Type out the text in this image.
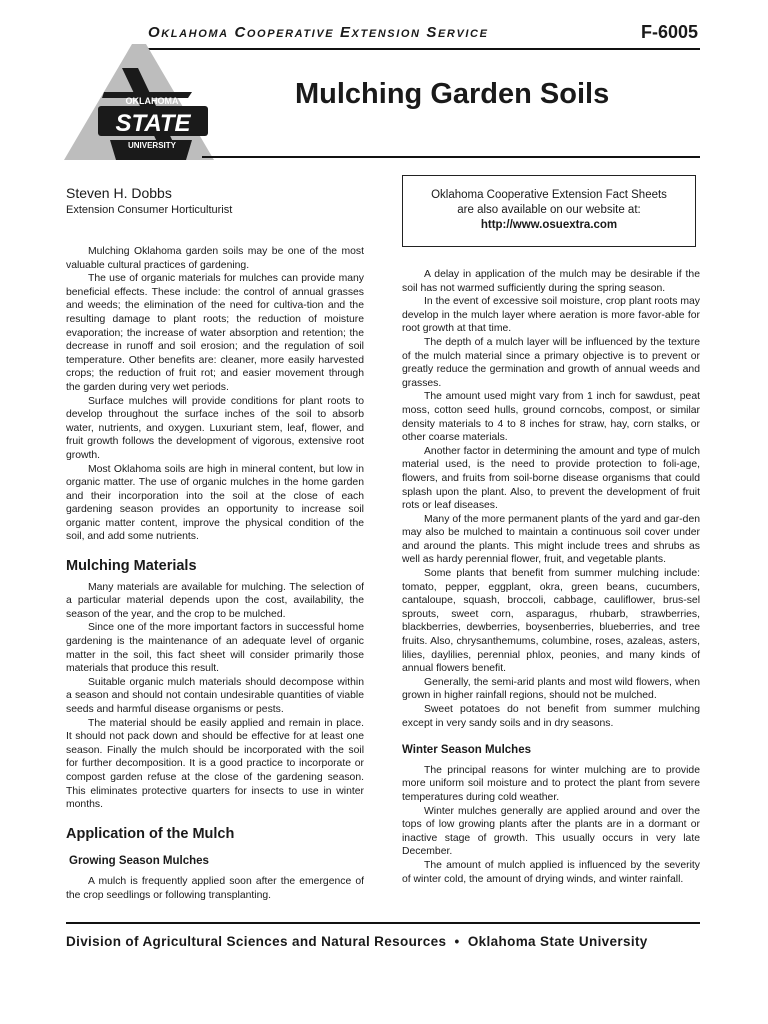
Oklahoma Cooperative Extension Service	F-6005
OKLAHOMA
STATE
UNIVERSITY
Mulching Garden Soils
Steven H. Dobbs
Extension Consumer Horticulturist
Oklahoma Cooperative Extension Fact Sheets
are also available on our website at:
http://www.osuextra.com

Mulching Oklahoma garden soils may be one of the most valuable cultural practices of gardening.

The use of organic materials for mulches can provide many beneficial effects. These include: the control of annual grasses and weeds; the elimination of the need for cultiva-tion and the resulting damage to plant roots; the reduction of moisture evaporation; the increase of water absorption and retention; the decrease in runoff and soil erosion; and the regulation of soil temperature. Other benefits are: cleaner, more easily harvested crops; the reduction of fruit rot; and easier movement through the garden during very wet periods.

Surface mulches will provide conditions for plant roots to develop throughout the surface inches of the soil to absorb water, nutrients, and oxygen. Luxuriant stem, leaf, flower, and fruit growth follows the development of vigorous, extensive root growth.

Most Oklahoma soils are high in mineral content, but low in organic matter. The use of organic mulches in the home garden and their incorporation into the soil at the close of each gardening season provides an opportunity to increase soil organic matter content, improve the physical condition of the soil, and add some nutrients.

Mulching Materials

Many materials are available for mulching. The selection of a particular material depends upon the cost, availability, the season of the year, and the crop to be mulched.

Since one of the more important factors in successful home gardening is the maintenance of an adequate level of organic matter in the soil, this fact sheet will consider primarily those materials that produce this result.

Suitable organic mulch materials should decompose within a season and should not contain undesirable quantities of viable seeds and harmful disease organisms or pests.

The material should be easily applied and remain in place. It should not pack down and should be effective for at least one season. Finally the mulch should be incorporated with the soil for further decomposition. It is a good practice to incorporate or compost garden refuse at the close of the gardening season. This eliminates protective quarters for insects to use in winter months.

Application of the Mulch
Growing Season Mulches

A mulch is frequently applied soon after the emergence of the crop seedlings or following transplanting.

A delay in application of the mulch may be desirable if the soil has not warmed sufficiently during the spring season.

In the event of excessive soil moisture, crop plant roots may develop in the mulch layer where aeration is more favor-able for root growth at that time.

The depth of a mulch layer will be influenced by the texture of the mulch material since a primary objective is to prevent or greatly reduce the germination and growth of annual weeds and grasses.

The amount used might vary from 1 inch for sawdust, peat moss, cotton seed hulls, ground corncobs, compost, or similar density materials to 4 to 8 inches for straw, hay, corn stalks, or other coarse materials.

Another factor in determining the amount and type of mulch material used, is the need to provide protection to foli-age, flowers, and fruits from soil-borne disease organisms that could splash upon the plant. Also, to prevent the development of fruit rots or leaf diseases.

Many of the more permanent plants of the yard and gar-den may also be mulched to maintain a continuous soil cover under and around the plants. This might include trees and shrubs as well as hardy perennial flower, fruit, and vegetable plants.

Some plants that benefit from summer mulching include: tomato, pepper, eggplant, okra, green beans, cucumbers, cantaloupe, squash, broccoli, cabbage, cauliflower, brus-sel sprouts, sweet corn, asparagus, rhubarb, strawberries, blackberries, dewberries, boysenberries, blueberries, and tree fruits. Also, chrysanthemums, columbine, roses, azaleas, asters, lilies, daylilies, perennial phlox, peonies, and many kinds of annual flowers benefit.

Generally, the semi-arid plants and most wild flowers, when grown in higher rainfall regions, should not be mulched.

Sweet potatoes do not benefit from summer mulching except in very sandy soils and in dry seasons.

Winter Season Mulches

The principal reasons for winter mulching are to provide more uniform soil moisture and to protect the plant from severe temperatures during cold weather.

Winter mulches generally are applied around and over the tops of low growing plants after the plants are in a dormant or inactive stage of growth. This usually occurs in very late December.

The amount of mulch applied is influenced by the severity of winter cold, the amount of drying winds, and winter rainfall.

Division of Agricultural Sciences and Natural Resources  •  Oklahoma State University
